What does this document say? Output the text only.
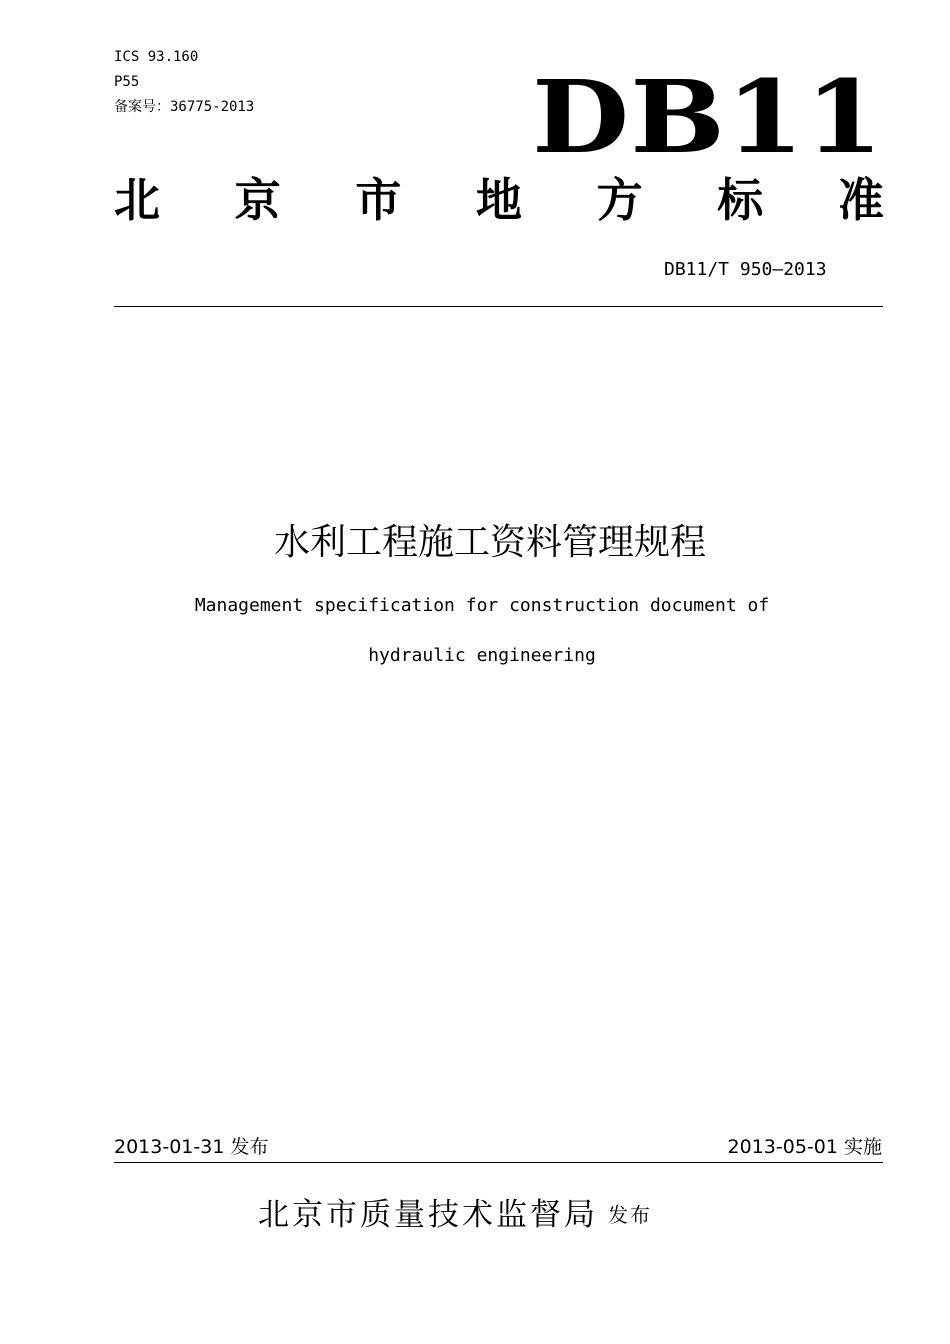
ICS 93.160
P55
备案号：36775-2013	DB11
北 京 市 地 方 标 准
DB11/T 950—2013
水利工程施工资料管理规程
Management specification for construction document of
hydraulic engineering
2013-01-31 发布	2013-05-01 实施
北京市质量技术监督局 发布
